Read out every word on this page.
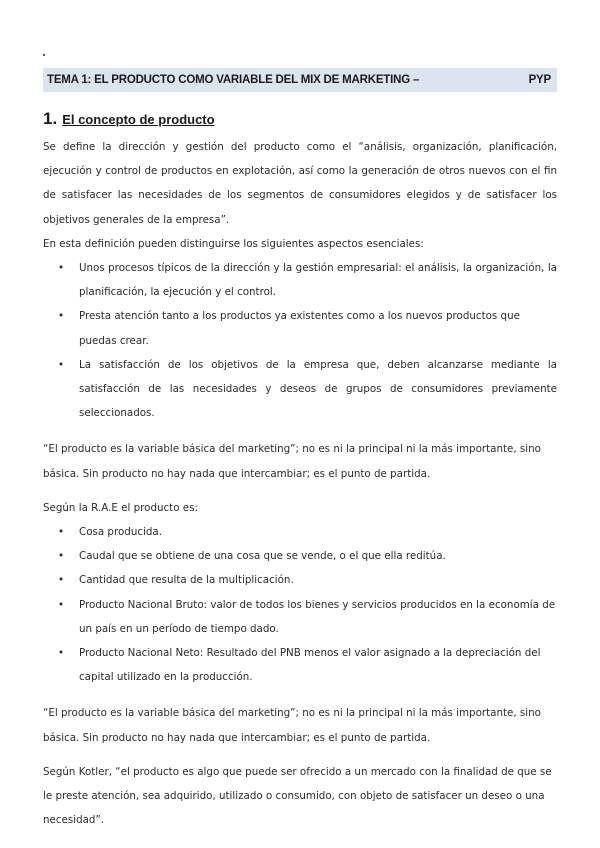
TEMA 1: EL PRODUCTO COMO VARIABLE DEL MIX DE MARKETING –	PYP
1. El concepto de producto

Se define la dirección y gestión del producto como el “análisis, organización, planificación, ejecución y control de productos en explotación, así como la generación de otros nuevos con el fin de satisfacer las necesidades de los segmentos de consumidores elegidos y de satisfacer los objetivos generales de la empresa”.

En esta definición pueden distinguirse los siguientes aspectos esenciales:

• Unos procesos típicos de la dirección y la gestión empresarial: el análisis, la organización, la planificación, la ejecución y el control.
• Presta atención tanto a los productos ya existentes como a los nuevos productos que puedas crear.
• La satisfacción de los objetivos de la empresa que, deben alcanzarse mediante la satisfacción de las necesidades y deseos de grupos de consumidores previamente seleccionados.

“El producto es la variable básica del marketing”; no es ni la principal ni la más importante, sino básica. Sin producto no hay nada que intercambiar; es el punto de partida.

Según la R.A.E el producto es:

• Cosa producida.
• Caudal que se obtiene de una cosa que se vende, o el que ella reditúa.
• Cantidad que resulta de la multiplicación.
• Producto Nacional Bruto: valor de todos los bienes y servicios producidos en la economía de un país en un período de tiempo dado.
• Producto Nacional Neto: Resultado del PNB menos el valor asignado a la depreciación del capital utilizado en la producción.

“El producto es la variable básica del marketing”; no es ni la principal ni la más importante, sino básica. Sin producto no hay nada que intercambiar; es el punto de partida.

Según Kotler, “el producto es algo que puede ser ofrecido a un mercado con la finalidad de que se le preste atención, sea adquirido, utilizado o consumido, con objeto de satisfacer un deseo o una necesidad”.
